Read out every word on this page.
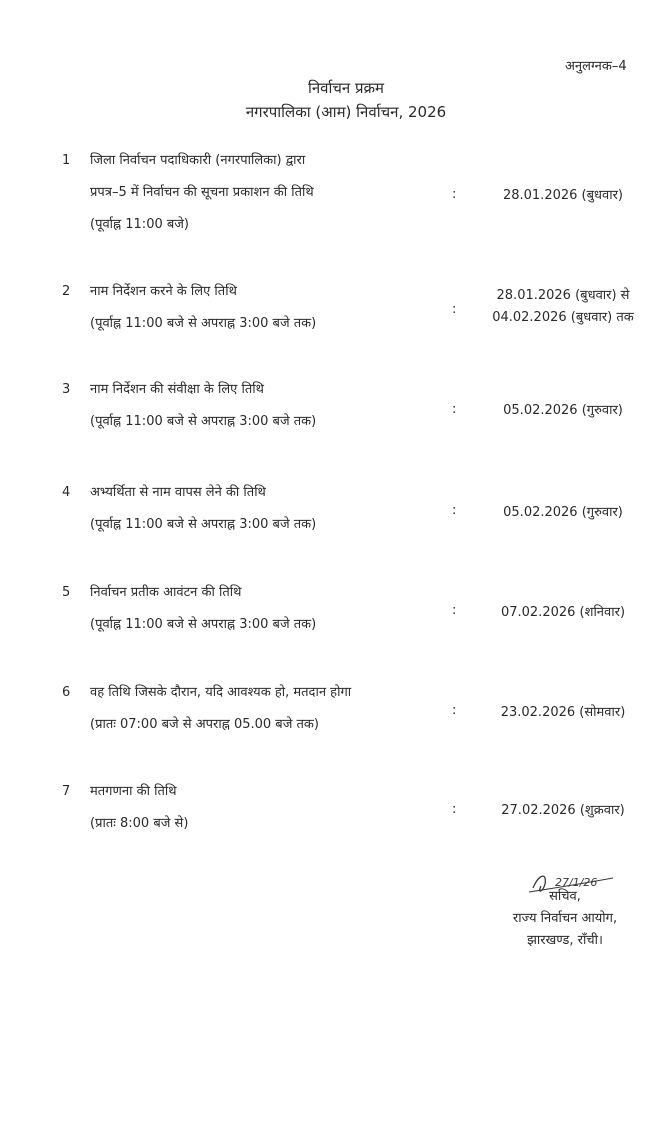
अनुलग्नक–4
निर्वाचन प्रक्रम
नगरपालिका (आम) निर्वाचन, 2026
1	जिला निर्वाचन पदाधिकारी (नगरपालिका) द्वारा
प्रपत्र–5 में निर्वाचन की सूचना प्रकाशन की तिथि
(पूर्वाह्न 11:00 बजे)
:	28.01.2026 (बुधवार)
2	नाम निर्देशन करने के लिए तिथि
(पूर्वाह्न 11:00 बजे से अपराह्न 3:00 बजे तक)
:
28.01.2026 (बुधवार) से
04.02.2026 (बुधवार) तक
3	नाम निर्देशन की संवीक्षा के लिए तिथि
(पूर्वाह्न 11:00 बजे से अपराह्न 3:00 बजे तक)
:	05.02.2026 (गुरुवार)
4	अभ्यर्थिता से नाम वापस लेने की तिथि
(पूर्वाह्न 11:00 बजे से अपराह्न 3:00 बजे तक)
:	05.02.2026 (गुरुवार)
5	निर्वाचन प्रतीक आवंटन की तिथि
(पूर्वाह्न 11:00 बजे से अपराह्न 3:00 बजे तक)
:	07.02.2026 (शनिवार)
6	वह तिथि जिसके दौरान, यदि आवश्यक हो, मतदान होगा
(प्रातः 07:00 बजे से अपराह्न 05.00 बजे तक)
:	23.02.2026 (सोमवार)
7	मतगणना की तिथि
(प्रातः 8:00 बजे से)
:	27.02.2026 (शुक्रवार)
27/1/26
सचिव,
राज्य निर्वाचन आयोग,
झारखण्ड, राँची।
